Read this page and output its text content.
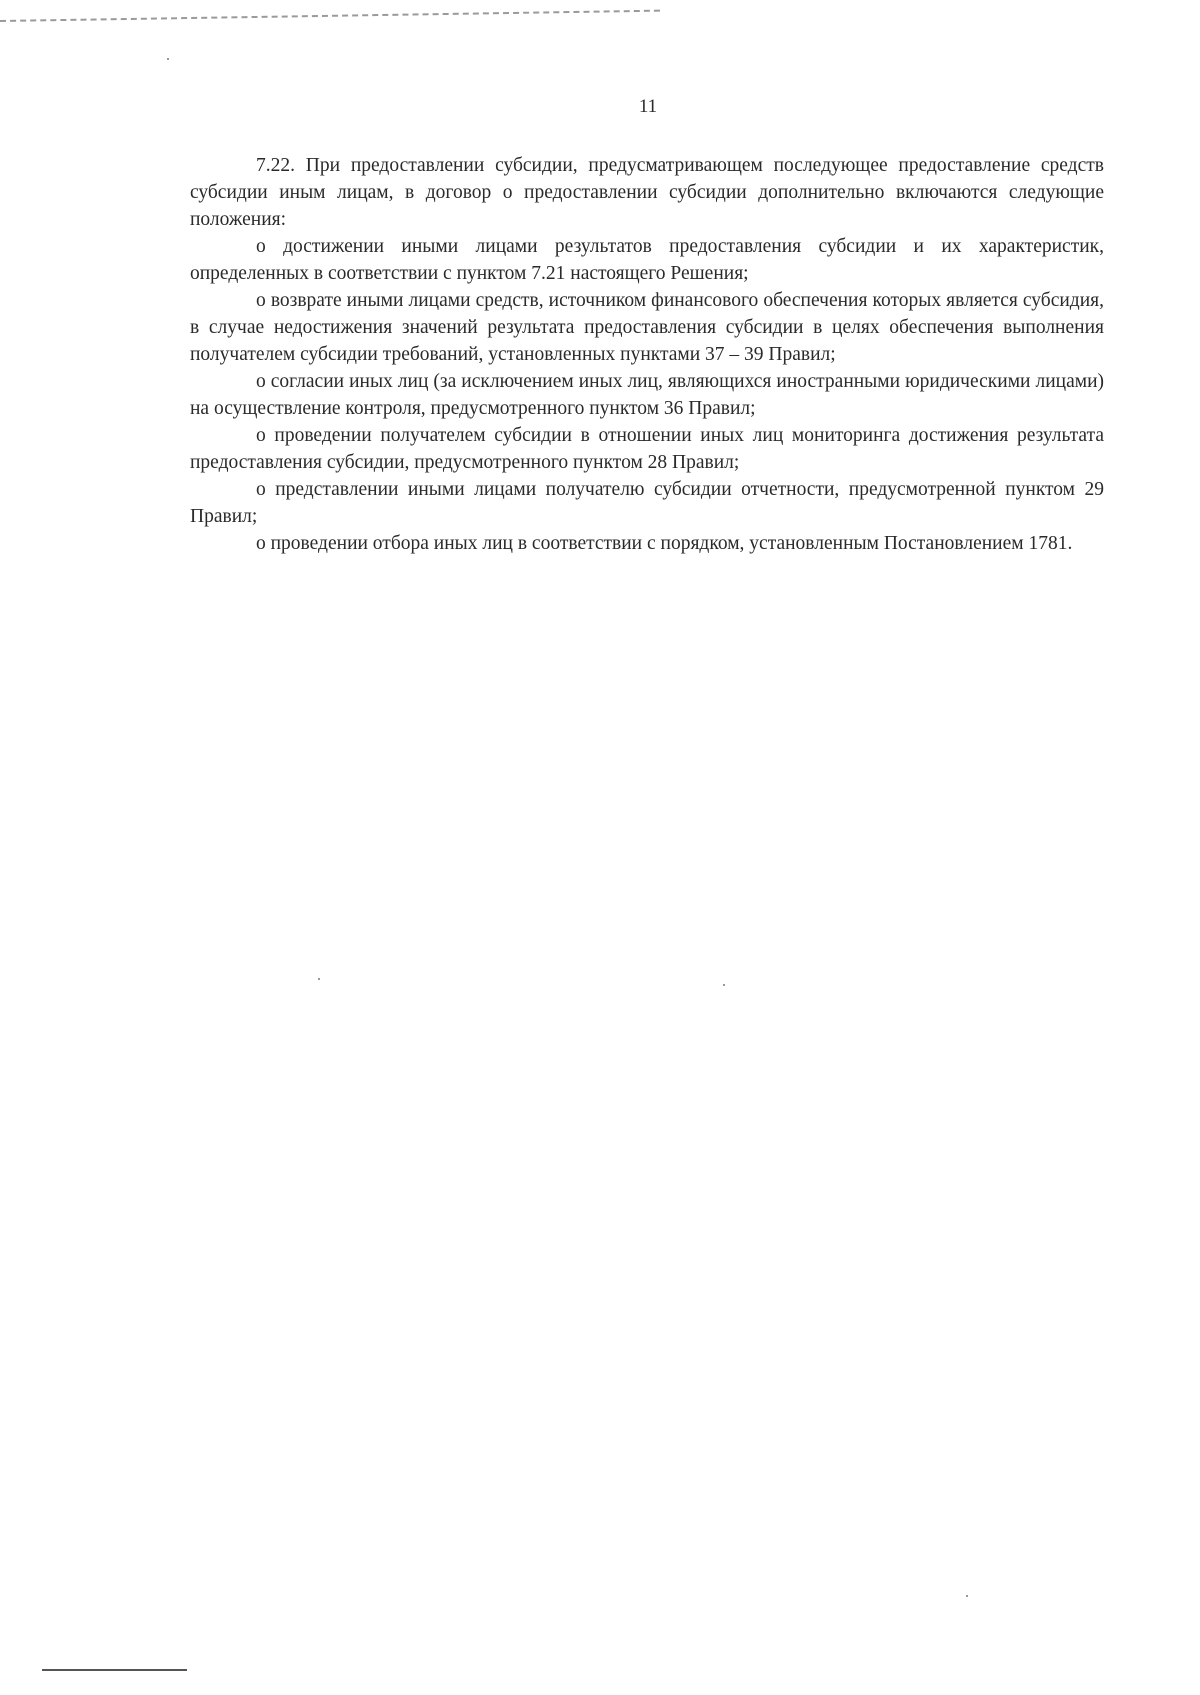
11

7.22. При предоставлении субсидии, предусматривающем последующее предоставление средств субсидии иным лицам, в договор о предоставлении субсидии дополнительно включаются следующие положения:

о достижении иными лицами результатов предоставления субсидии и их характеристик, определенных в соответствии с пунктом 7.21 настоящего Решения;

о возврате иными лицами средств, источником финансового обеспечения которых является субсидия, в случае недостижения значений результата предоставления субсидии в целях обеспечения выполнения получателем субсидии требований, установленных пунктами 37 – 39 Правил;

о согласии иных лиц (за исключением иных лиц, являющихся иностранными юридическими лицами) на осуществление контроля, предусмотренного пунктом 36 Правил;

о проведении получателем субсидии в отношении иных лиц мониторинга достижения результата предоставления субсидии, предусмотренного пунктом 28 Правил;

о представлении иными лицами получателю субсидии отчетности, предусмотренной пунктом 29 Правил;

о проведении отбора иных лиц в соответствии с порядком, установленным Постановлением 1781.
